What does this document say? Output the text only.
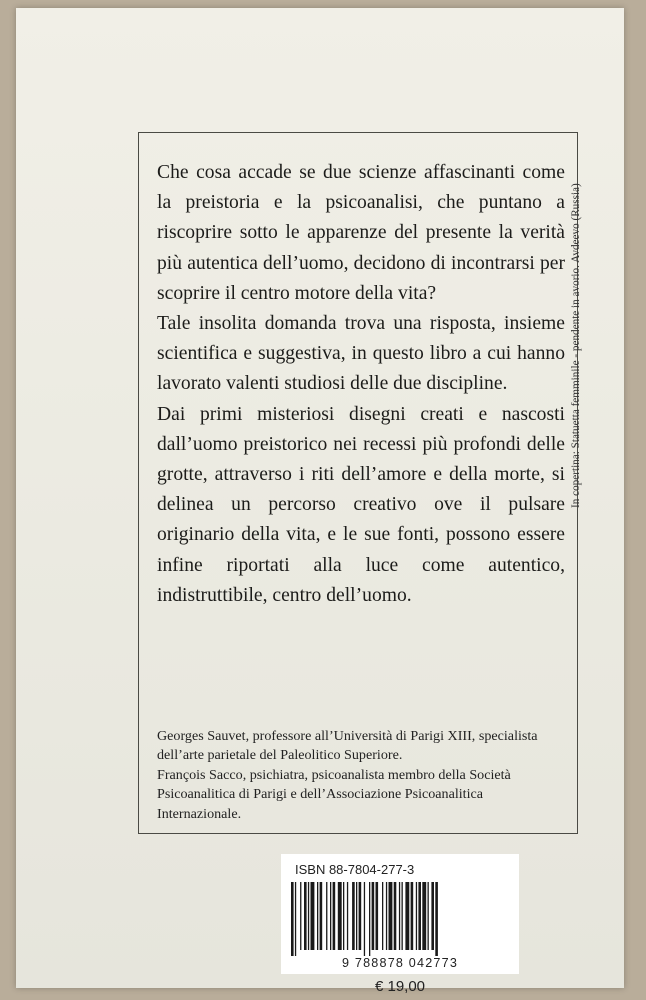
Che cosa accade se due scienze affascinanti come la preistoria e la psicoanalisi, che puntano a riscoprire sotto le apparenze del presente la verità più autentica dell’uomo, decidono di incontrarsi per scoprire il centro motore della vita?

Tale insolita domanda trova una risposta, insieme scientifica e suggestiva, in questo libro a cui hanno lavorato valenti studiosi delle due discipline.

Dai primi misteriosi disegni creati e nascosti dall’uomo preistorico nei recessi più profondi delle grotte, attraverso i riti dell’amore e della morte, si delinea un percorso creativo ove il pulsare originario della vita, e le sue fonti, possono essere infine riportati alla luce come autentico, indistruttibile, centro dell’uomo.

Georges Sauvet, professore all’Università di Parigi XIII, specialista dell’arte parietale del Paleolitico Superiore.

François Sacco, psichiatra, psicoanalista membro della Società Psicoanalitica di Parigi e dell’Associazione Psicoanalitica Internazionale.

In copertina: Statuetta femminile - pendente in avorio. Avdeevo (Russia)
ISBN 88-7804-277-3
9 788878 042773
€ 19,00
